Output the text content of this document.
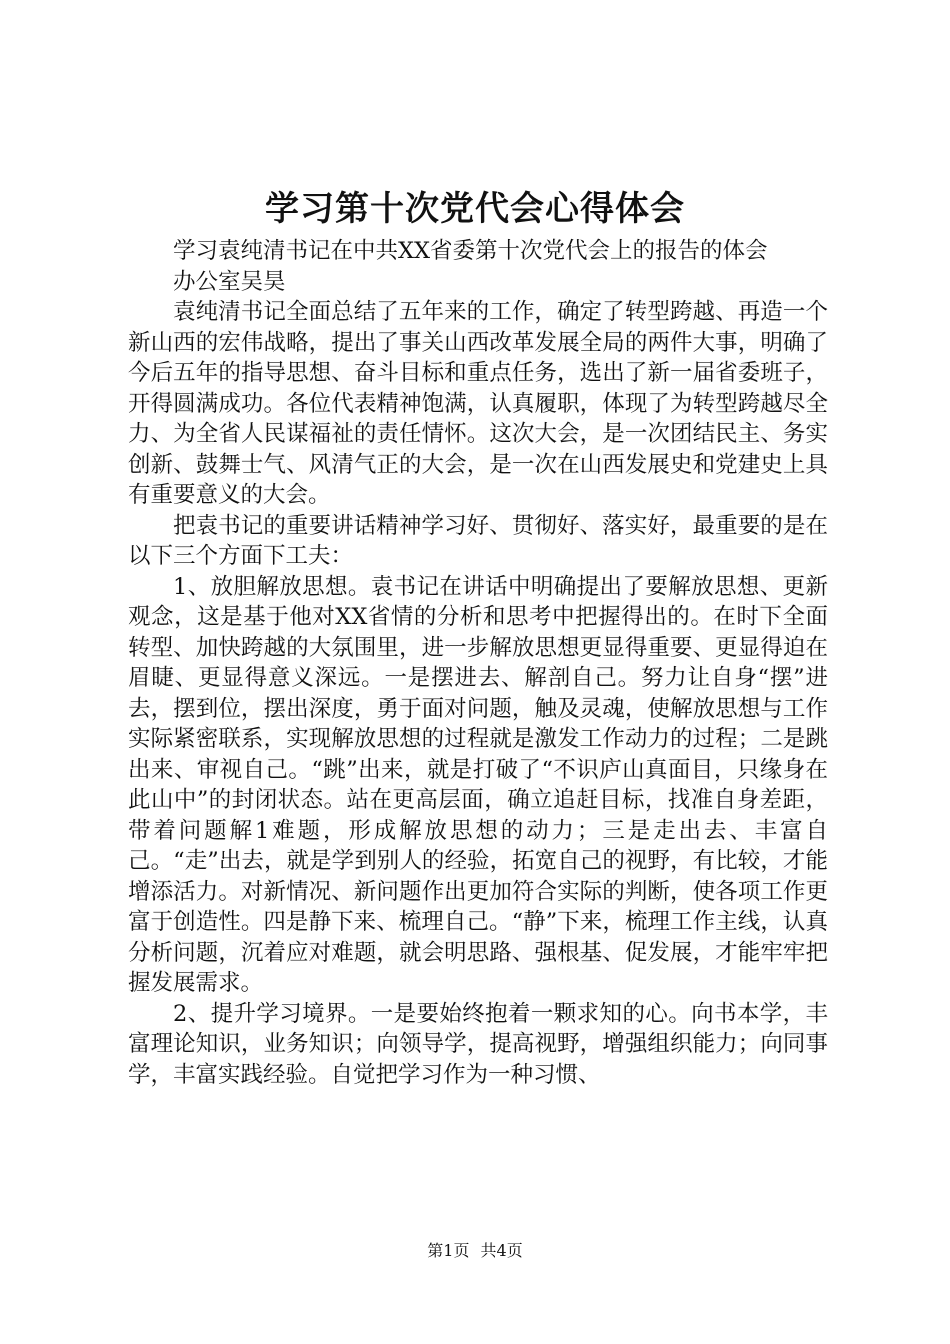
学习第十次党代会心得体会

学习袁纯清书记在中共XX省委第十次党代会上的报告的体会

办公室吴昊

袁纯清书记全面总结了五年来的工作，确定了转型跨越、再造一个新山西的宏伟战略，提出了事关山西改革发展全局的两件大事，明确了今后五年的指导思想、奋斗目标和重点任务，选出了新一届省委班子，开得圆满成功。各位代表精神饱满，认真履职，体现了为转型跨越尽全力、为全省人民谋福祉的责任情怀。这次大会，是一次团结民主、务实创新、鼓舞士气、风清气正的大会，是一次在山西发展史和党建史上具有重要意义的大会。

把袁书记的重要讲话精神学习好、贯彻好、落实好，最重要的是在以下三个方面下工夫：

1、放胆解放思想。袁书记在讲话中明确提出了要解放思想、更新观念，这是基于他对XX省情的分析和思考中把握得出的。在时下全面转型、加快跨越的大氛围里，进一步解放思想更显得重要、更显得迫在眉睫、更显得意义深远。一是摆进去、解剖自己。努力让自身“摆”进去，摆到位，摆出深度，勇于面对问题，触及灵魂，使解放思想与工作实际紧密联系，实现解放思想的过程就是激发工作动力的过程；二是跳出来、审视自己。“跳”出来，就是打破了“不识庐山真面目，只缘身在此山中”的封闭状态。站在更高层面，确立追赶目标，找准自身差距，带着问题解1难题，形成解放思想的动力；三是走出去、丰富自己。“走”出去，就是学到别人的经验，拓宽自己的视野，有比较，才能增添活力。对新情况、新问题作出更加符合实际的判断，使各项工作更富于创造性。四是静下来、梳理自己。“静”下来，梳理工作主线，认真分析问题，沉着应对难题，就会明思路、强根基、促发展，才能牢牢把握发展需求。

2、提升学习境界。一是要始终抱着一颗求知的心。向书本学，丰富理论知识，业务知识；向领导学，提高视野，增强组织能力；向同事学，丰富实践经验。自觉把学习作为一种习惯、

第1页 共4页
